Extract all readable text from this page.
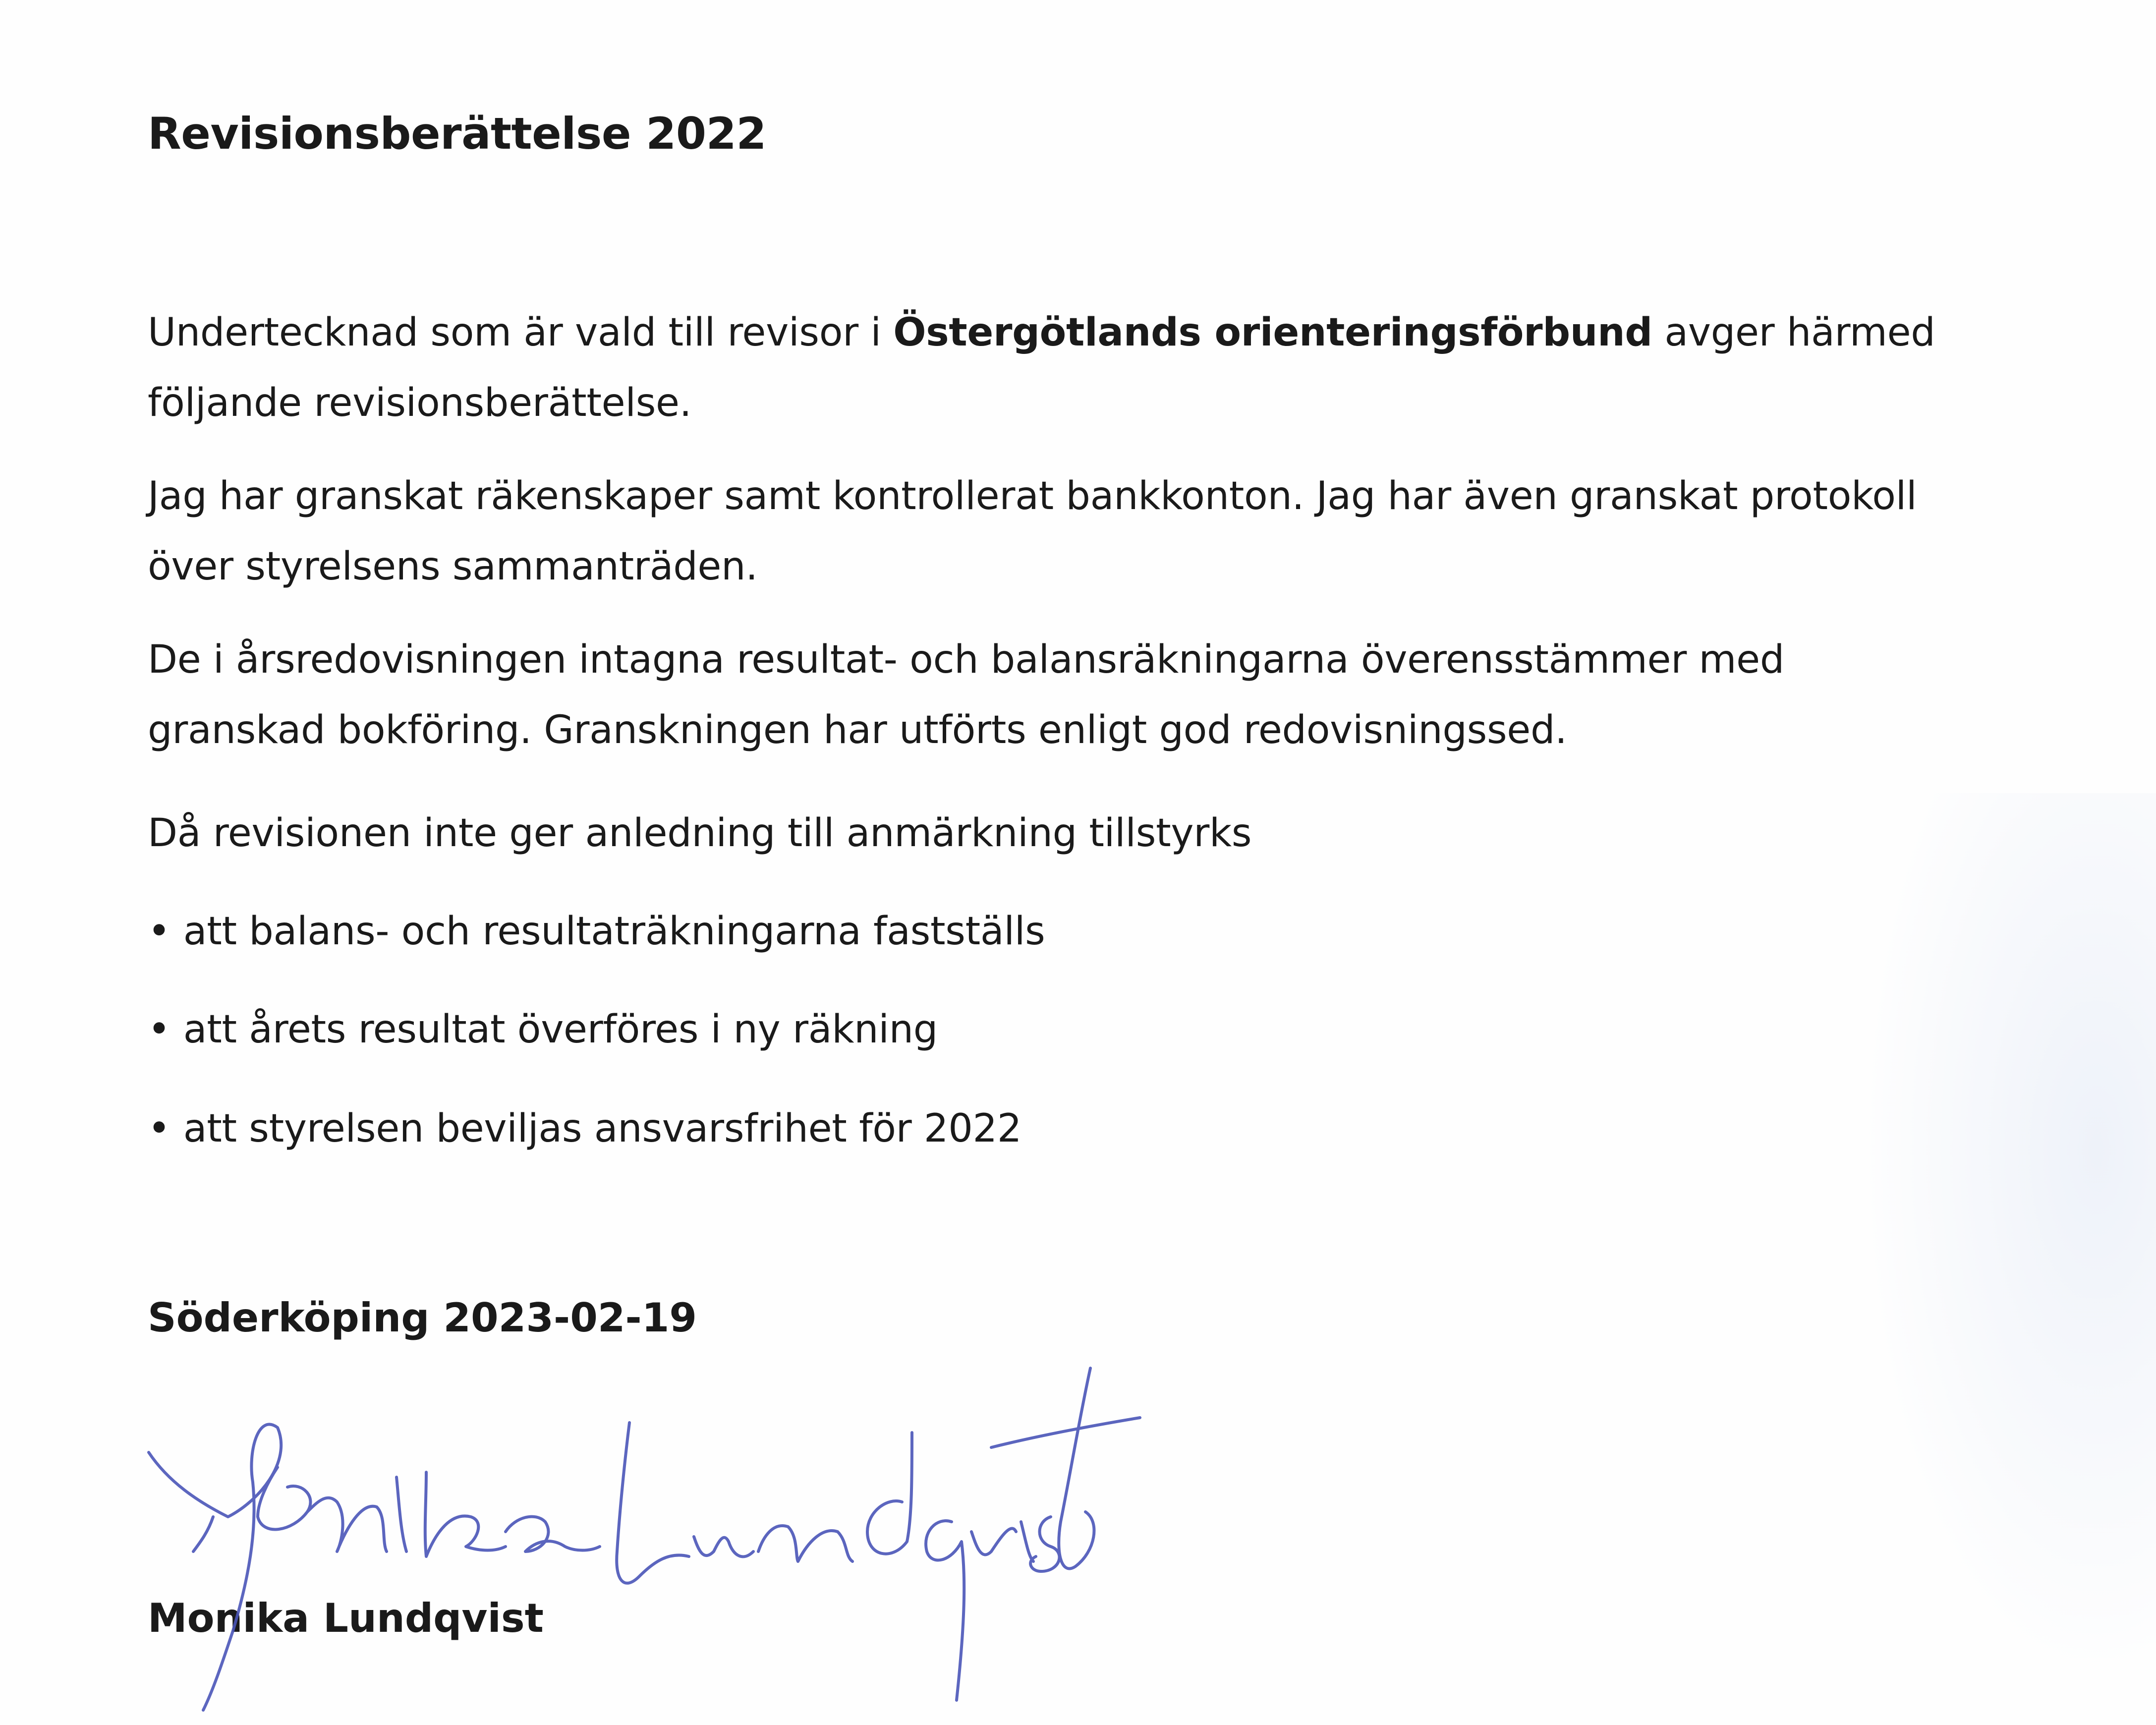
Revisionsberättelse 2022
Undertecknad som är vald till revisor i Östergötlands orienteringsförbund avger härmed
följande revisionsberättelse.
Jag har granskat räkenskaper samt kontrollerat bankkonton. Jag har även granskat protokoll
över styrelsens sammanträden.
De i årsredovisningen intagna resultat- och balansräkningarna överensstämmer med
granskad bokföring. Granskningen har utförts enligt god redovisningssed.
Då revisionen inte ger anledning till anmärkning tillstyrks
• att balans- och resultaträkningarna fastställs
• att årets resultat överföres i ny räkning
• att styrelsen beviljas ansvarsfrihet för 2022
Söderköping 2023-02-19
Monika Lundqvist
